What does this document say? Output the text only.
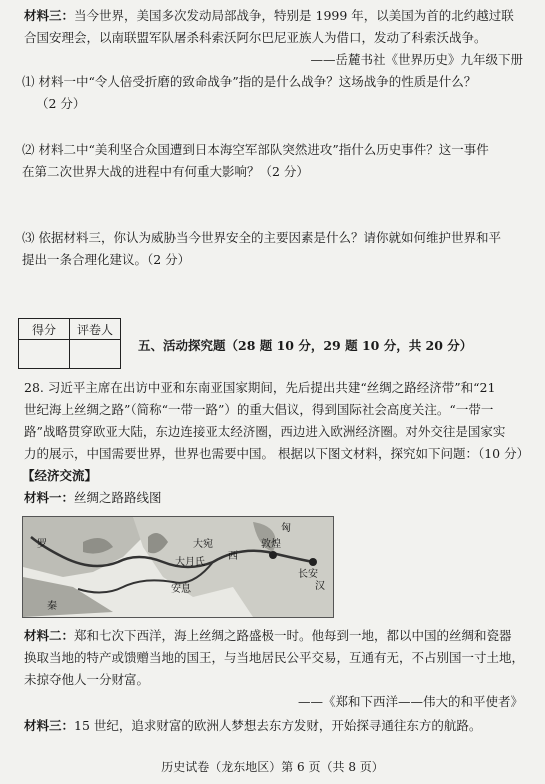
材料三：当今世界，美国多次发动局部战争，特别是 1999 年，以美国为首的北约越过联
合国安理会，以南联盟军队屠杀科索沃阿尔巴尼亚族人为借口，发动了科索沃战争。
——岳麓书社《世界历史》九年级下册
⑴ 材料一中“令人倍受折磨的致命战争”指的是什么战争？这场战争的性质是什么？
（2 分）
⑵ 材料二中“美利坚合众国遭到日本海空军部队突然进攻”指什么历史事件？这一事件
在第二次世界大战的进程中有何重大影响？（2 分）
⑶ 依据材料三，你认为威胁当今世界安全的主要因素是什么？请你就如何维护世界和平
提出一条合理化建议。（2 分）
得分	评卷人

五、活动探究题（28 题 10 分，29 题 10 分，共 20 分）
28. 习近平主席在出访中亚和东南亚国家期间，先后提出共建“丝绸之路经济带”和“21
世纪海上丝绸之路”（简称“一带一路”）的重大倡议，得到国际社会高度关注。“一带一
路”战略贯穿欧亚大陆，东边连接亚太经济圈，西边进入欧洲经济圈。对外交往是国家实
力的展示，中国需要世界，世界也需要中国。 根据以下图文材料，探究如下问题：（10 分）
【经济交流】
材料一：丝绸之路路线图
敦煌
长安
西
汉
安息
大宛
匈
大月氏
秦
罗
材料二：郑和七次下西洋，海上丝绸之路盛极一时。他每到一地，都以中国的丝绸和瓷器
换取当地的特产或馈赠当地的国王，与当地居民公平交易，互通有无，不占别国一寸土地，
未掠夺他人一分财富。
——《郑和下西洋——伟大的和平使者》
材料三：15 世纪，追求财富的欧洲人梦想去东方发财，开始探寻通往东方的航路。
历史试卷（龙东地区）第 6 页（共 8 页）
